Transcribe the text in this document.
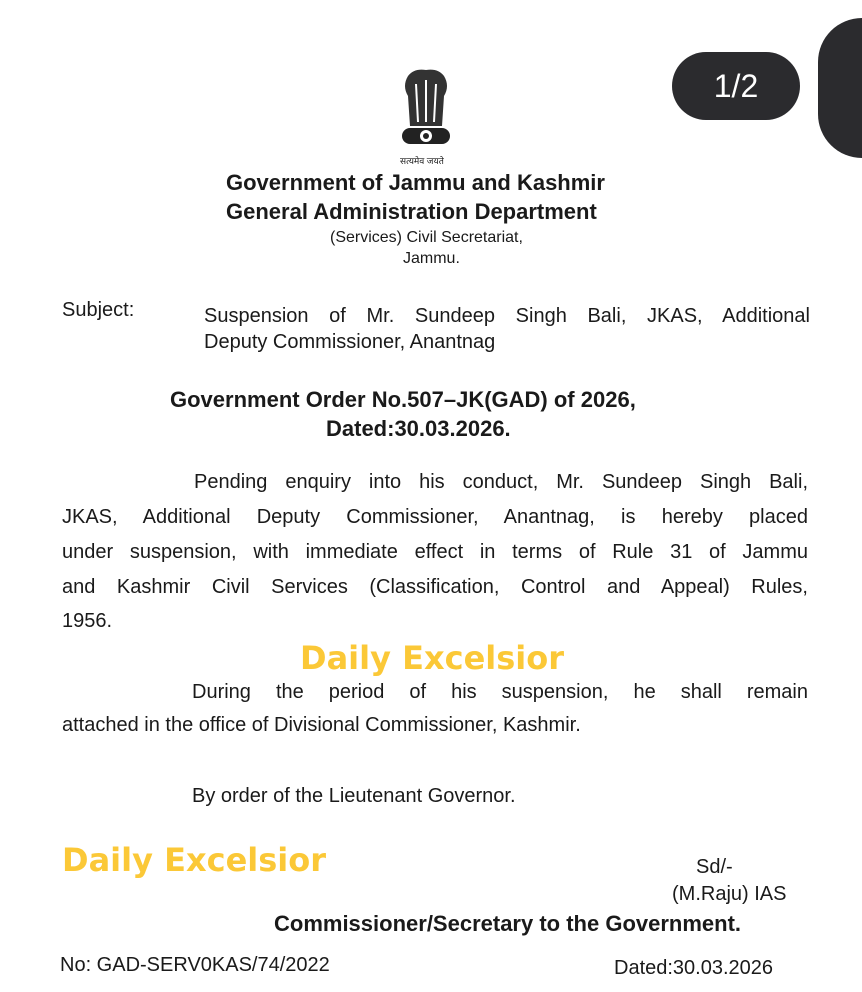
1/2
सत्यमेव जयते
Government of Jammu and Kashmir
General Administration Department
(Services) Civil Secretariat,
Jammu.
Subject:	Suspension of Mr. Sundeep Singh Bali, JKAS, Additional
Deputy Commissioner, Anantnag
Government Order No.507–JK(GAD) of 2026,
Dated:30.03.2026.
Pending enquiry into his conduct, Mr. Sundeep Singh Bali,
JKAS, Additional Deputy Commissioner, Anantnag, is hereby placed
under suspension, with immediate effect in terms of Rule 31 of Jammu
and Kashmir Civil Services (Classification, Control and Appeal) Rules,
1956.
During the period of his suspension, he shall remain
attached in the office of Divisional Commissioner, Kashmir.
By order of the Lieutenant Governor.
Sd/-
(M.Raju) IAS
Commissioner/Secretary to the Government.
No: GAD-SERV0KAS/74/2022	Dated:30.03.2026
Daily Excelsior
Daily Excelsior
